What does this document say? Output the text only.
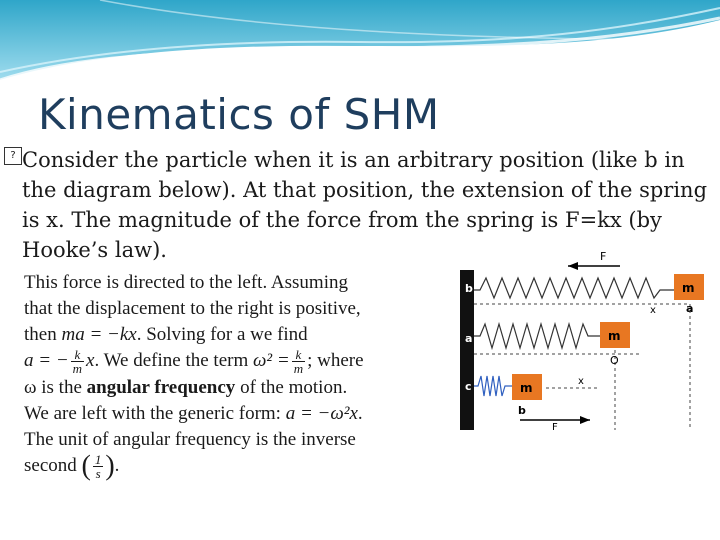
Kinematics of SHM
? Consider the particle when it is an arbitrary position (like b in the diagram below). At that position, the extension of the spring is x. The magnitude of the force from the spring is F=kx (by Hooke’s law).

This force is directed to the left. Assuming

that the displacement to the right is positive,

then ma = −kx. Solving for a we find

a = − $\frac{k}{m} x$. We define the term $\omega^2 = \frac{k}{m}$ ; where

ω is the angular frequency of the motion.

We are left with the generic form: a = −ω²x.

The unit of angular frequency is the inverse

second ( $\frac{1}{s}$ ).

b
a
c
F
m
m
O
a
x
m	x
b
F
